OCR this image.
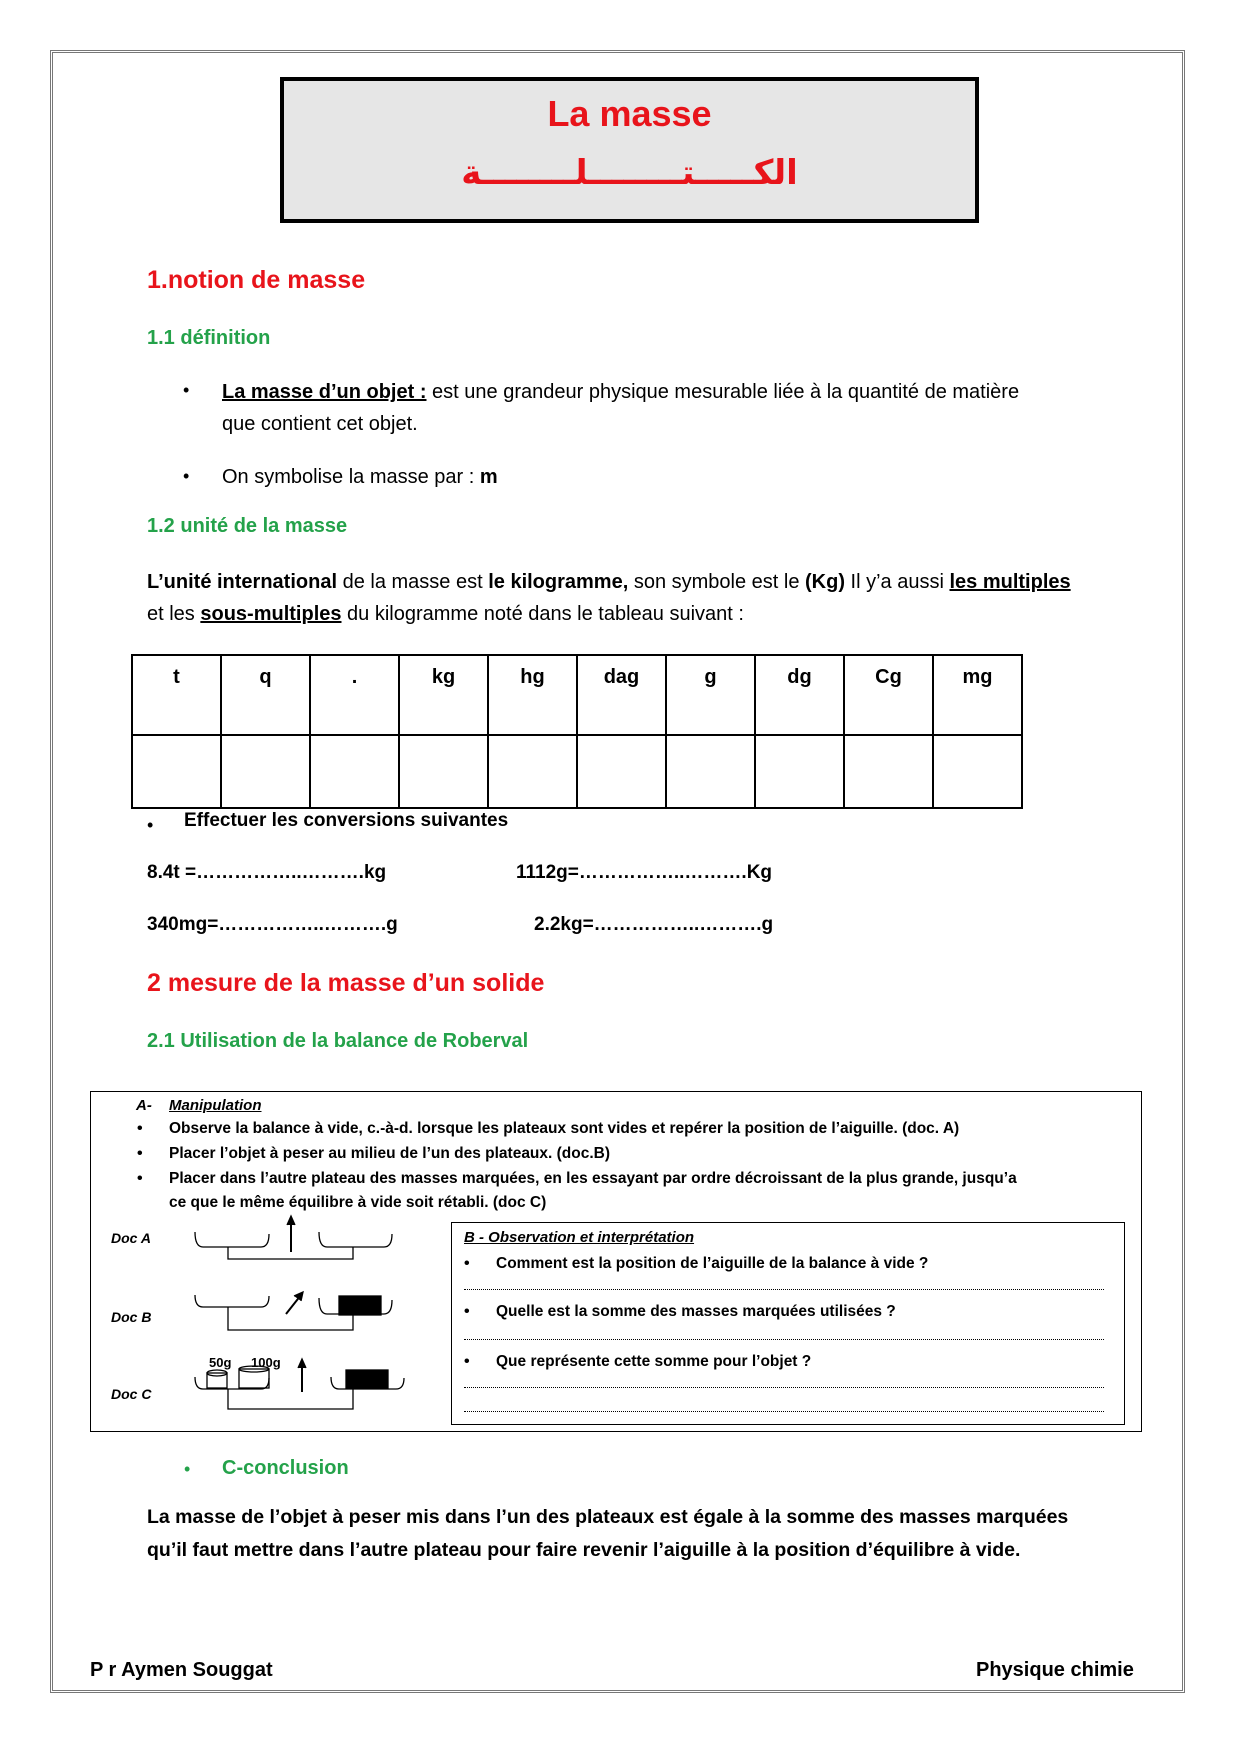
La masse
الكـــــتــــــــلــــــــة
1.notion de masse
1.1 définition
• La masse d’un objet : est une grandeur physique mesurable liée à la quantité de matière
que contient cet objet.
• On symbolise la masse par : m
1.2 unité de la masse
L’unité international de la masse est le kilogramme, son symbole est le (Kg) Il y’a aussi les multiples
et les sous-multiples du kilogramme noté dans le tableau suivant :
t	q	.	kg	hg	dag	g	dg	Cg	mg

• Effectuer les conversions suivantes
8.4t =……………..……….kg	1112g=……………..……….Kg
340mg=……………..……….g	2.2kg=……………..……….g
2 mesure de la masse d’un solide
2.1 Utilisation de la balance de Roberval
A- Manipulation
• Observe la balance à vide, c.-à-d. lorsque les plateaux sont vides et repérer la position de l’aiguille. (doc. A)
• Placer l’objet à peser au milieu de l’un des plateaux. (doc.B)
• Placer dans l’autre plateau des masses marquées, en les essayant par ordre décroissant de la plus grande, jusqu’a
ce que le même équilibre à vide soit rétabli. (doc C)
Doc A
Doc B
Doc C
50g 100g
B - Observation et interprétation
• Comment est la position de l’aiguille de la balance à vide ?
• Quelle est la somme des masses marquées utilisées ?
• Que représente cette somme pour l’objet ?
• C-conclusion
La masse de l’objet à peser mis dans l’un des plateaux est égale à la somme des masses marquées
qu’il faut mettre dans l’autre plateau pour faire revenir l’aiguille à la position d’équilibre à vide.
P r Aymen Souggat	Physique chimie
